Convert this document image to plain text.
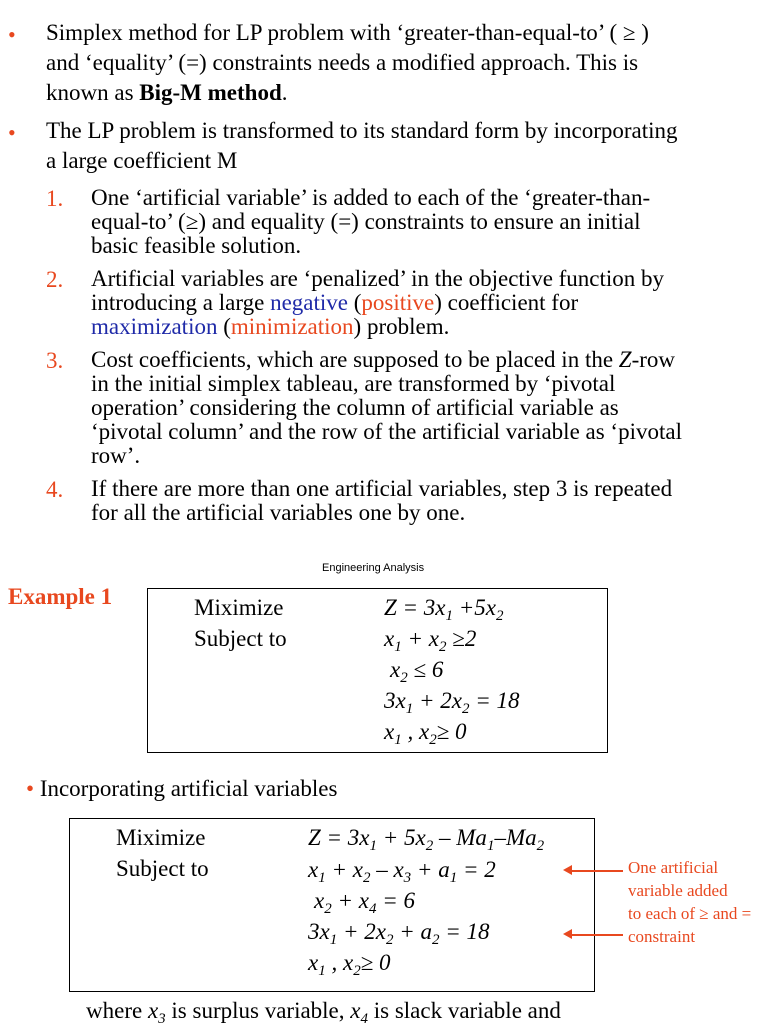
• Simplex method for LP problem with ‘greater-than-equal-to’ ( ≥ )
and ‘equality’ (=) constraints needs a modified approach. This is
known as Big-M method.
• The LP problem is transformed to its standard form by incorporating
a large coefficient M
1. One ‘artificial variable’ is added to each of the ‘greater-than-
equal-to’ (≥) and equality (=) constraints to ensure an initial
basic feasible solution.
2. Artificial variables are ‘penalized’ in the objective function by
introducing a large negative (positive) coefficient for
maximization (minimization) problem.
3. Cost coefficients, which are supposed to be placed in the Z-row
in the initial simplex tableau, are transformed by ‘pivotal
operation’ considering the column of artificial variable as
‘pivotal column’ and the row of the artificial variable as ‘pivotal
row’.
4. If there are more than one artificial variables, step 3 is repeated
for all the artificial variables one by one.
Engineering Analysis
Example 1	Miximize
Subject to
$Z = 3x_1 +5x_2$
$x_1 + x_2 \ge 2$
$x_2 \le 6$
$3x_1 + 2x_2 = 18$
$x_1$ , $x_2\ge 0$
• Incorporating artificial variables
Miximize
Subject to
$Z = 3x_1 + 5x_2 - Ma_1-Ma_2$
$x_1 + x_2 - x_3 + a_1 = 2$
$x_2 + x_4 = 6$
$3x_1 + 2x_2 + a_2 = 18$
$x_1$ , $x_2\ge 0$
One artificial
variable added
to each of ≥ and =
constraint
where $x_3$ is surplus variable, $x_4$ is slack variable and
